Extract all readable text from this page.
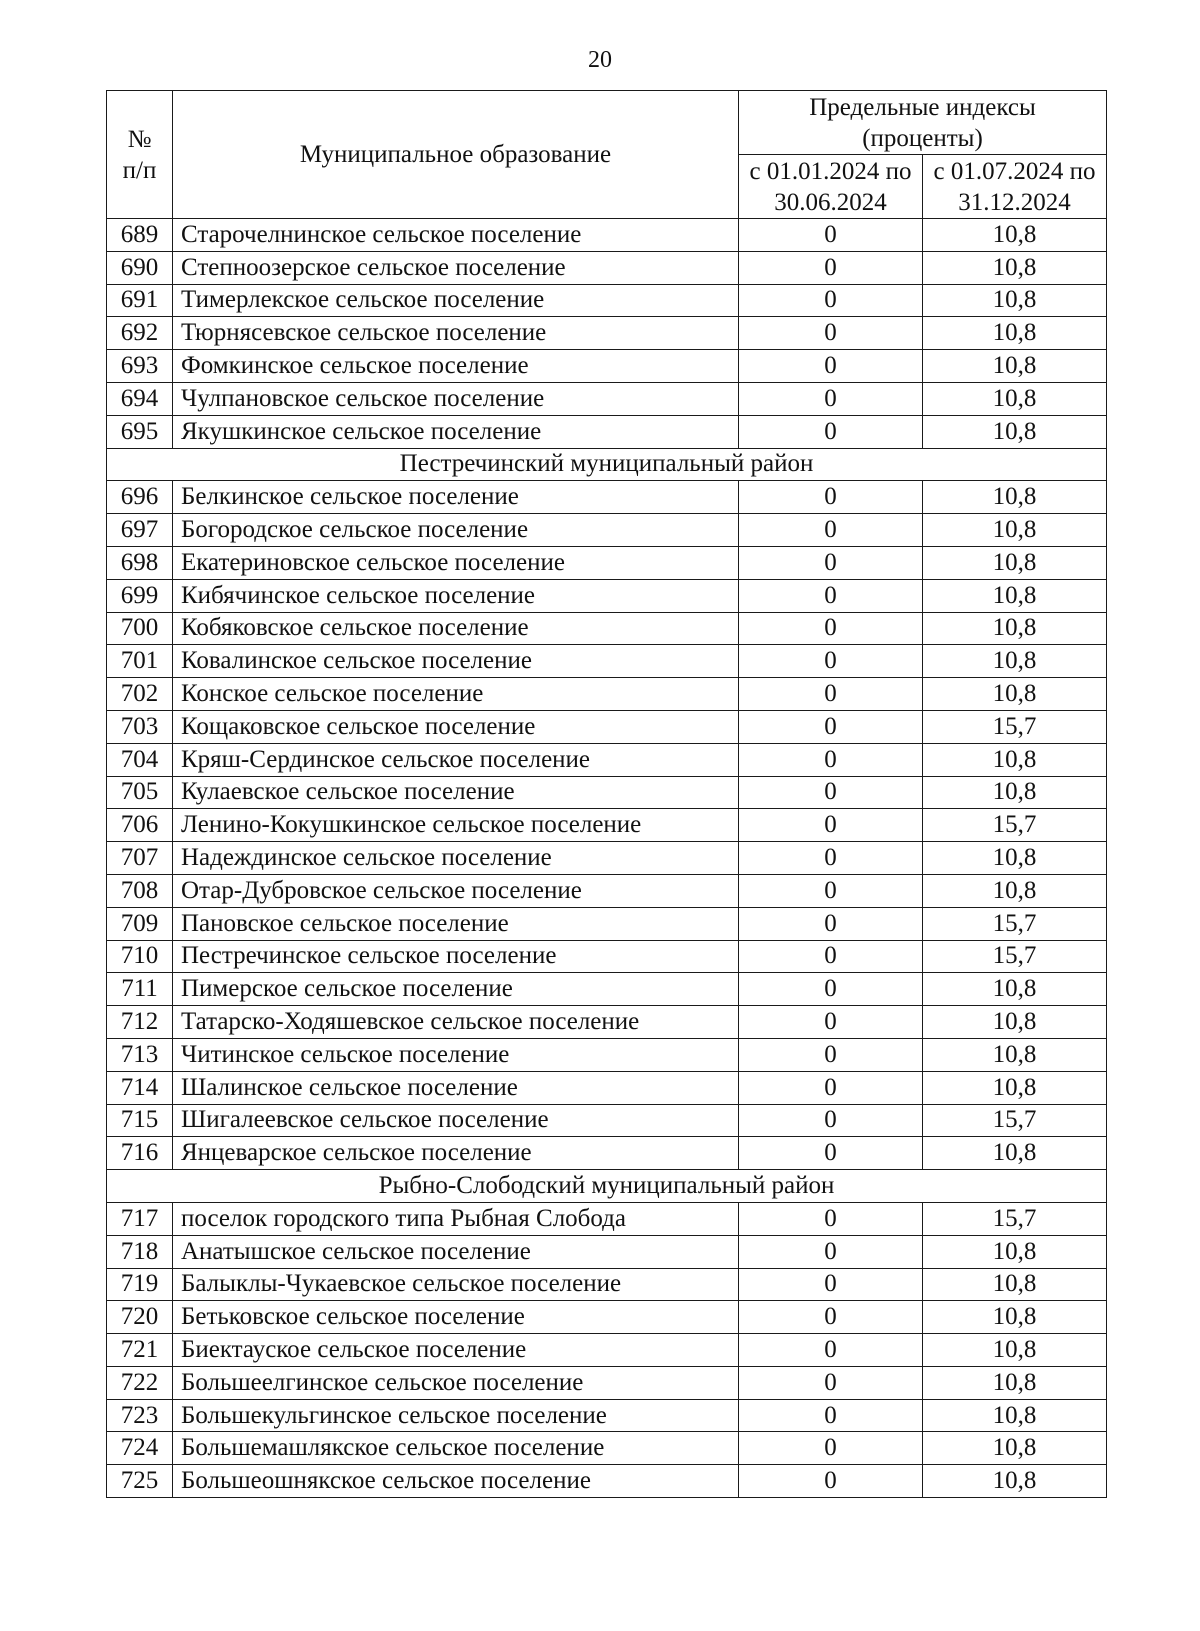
20
№ п/п	Муниципальное образование	Предельные индексы (проценты)	
		с 01.01.2024 по 30.06.2024	с 01.07.2024 по 31.12.2024
689	Старочелнинское сельское поселение	0	10,8
690	Степноозерское сельское поселение	0	10,8
691	Тимерлекское сельское поселение	0	10,8
692	Тюрнясевское сельское поселение	0	10,8
693	Фомкинское сельское поселение	0	10,8
694	Чулпановское сельское поселение	0	10,8
695	Якушкинское сельское поселение	0	10,8
Пестречинский муниципальный район			
696	Белкинское сельское поселение	0	10,8
697	Богородское сельское поселение	0	10,8
698	Екатериновское сельское поселение	0	10,8
699	Кибячинское сельское поселение	0	10,8
700	Кобяковское сельское поселение	0	10,8
701	Ковалинское сельское поселение	0	10,8
702	Конское сельское поселение	0	10,8
703	Кощаковское сельское поселение	0	15,7
704	Кряш-Сердинское сельское поселение	0	10,8
705	Кулаевское сельское поселение	0	10,8
706	Ленино-Кокушкинское сельское поселение	0	15,7
707	Надеждинское сельское поселение	0	10,8
708	Отар-Дубровское сельское поселение	0	10,8
709	Пановское сельское поселение	0	15,7
710	Пестречинское сельское поселение	0	15,7
711	Пимерское сельское поселение	0	10,8
712	Татарско-Ходяшевское сельское поселение	0	10,8
713	Читинское сельское поселение	0	10,8
714	Шалинское сельское поселение	0	10,8
715	Шигалеевское сельское поселение	0	15,7
716	Янцеварское сельское поселение	0	10,8
Рыбно-Слободский муниципальный район			
717	поселок городского типа Рыбная Слобода	0	15,7
718	Анатышское сельское поселение	0	10,8
719	Балыклы-Чукаевское сельское поселение	0	10,8
720	Бетьковское сельское поселение	0	10,8
721	Биектауское сельское поселение	0	10,8
722	Большеелгинское сельское поселение	0	10,8
723	Большекульгинское сельское поселение	0	10,8
724	Большемашлякское сельское поселение	0	10,8
725	Большеошнякское сельское поселение	0	10,8
